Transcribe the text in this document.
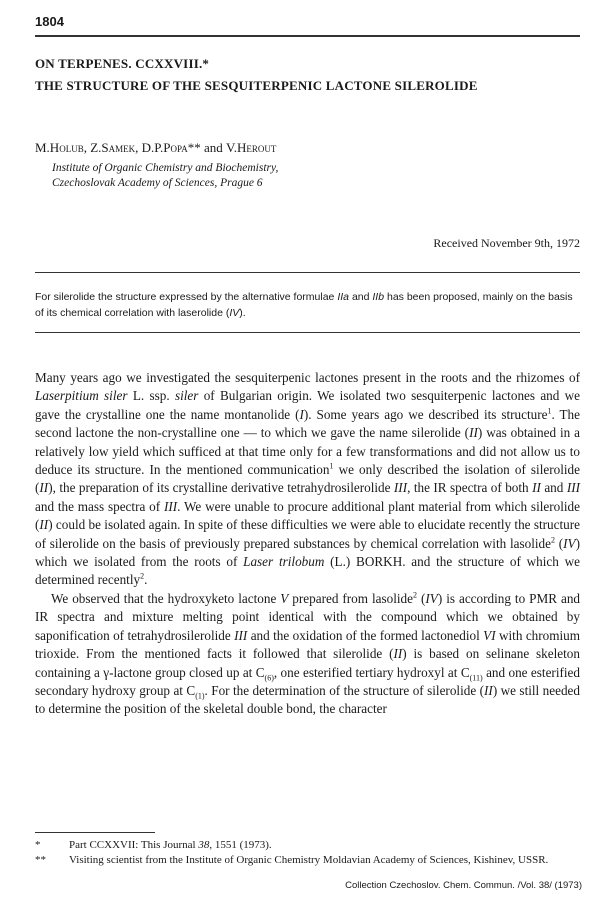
1804
ON TERPENES. CCXXVIII.*
THE STRUCTURE OF THE SESQUITERPENIC LACTONE SILEROLIDE
M.Holub, Z.Samek, D.P.Popa** and V.Herout
Institute of Organic Chemistry and Biochemistry,
Czechoslovak Academy of Sciences, Prague 6
Received November 9th, 1972
For silerolide the structure expressed by the alternative formulae IIa and IIb has been proposed, mainly on the basis of its chemical correlation with laserolide (IV).

Many years ago we investigated the sesquiterpenic lactones present in the roots and the rhizomes of Laserpitium siler L. ssp. siler of Bulgarian origin. We isolated two sesquiterpenic lactones and we gave the crystalline one the name montanolide (I). Some years ago we described its structure$^1$. The second lactone the non-crystalline one — to which we gave the name silerolide (II) was obtained in a relatively low yield which sufficed at that time only for a few transformations and did not allow us to deduce its structure. In the mentioned communication$^1$ we only described the isolation of silerolide (II), the preparation of its crystalline derivative tetrahydrosilerolide III, the IR spectra of both II and III and the mass spectra of III. We were unable to procure additional plant material from which silerolide (II) could be isolated again. In spite of these difficulties we were able to elucidate recently the structure of silerolide on the basis of previously prepared substances by chemical correlation with lasolide$^2$ (IV) which we isolated from the roots of Laser trilobum (L.) BORKH. and the structure of which we determined recently$^2$.

We observed that the hydroxyketo lactone V prepared from lasolide$^2$ (IV) is according to PMR and IR spectra and mixture melting point identical with the compound which we obtained by saponification of tetrahydrosilerolide III and the oxidation of the formed lactonediol VI with chromium trioxide. From the mentioned facts it followed that silerolide (II) is based on selinane skeleton containing a γ-lactone group closed up at $C_{(6)}$, one esterified tertiary hydroxyl at $C_{(11)}$ and one esterified secondary hydroxy group at $C_{(1)}$. For the determination of the structure of silerolide (II) we still needed to determine the position of the skeletal double bond, the character

*	Part CCXXVII: This Journal 38, 1551 (1973).
**	Visiting scientist from the Institute of Organic Chemistry Moldavian Academy of Sciences, Kishinev, USSR.
Collection Czechoslov. Chem. Commun. /Vol. 38/ (1973)
